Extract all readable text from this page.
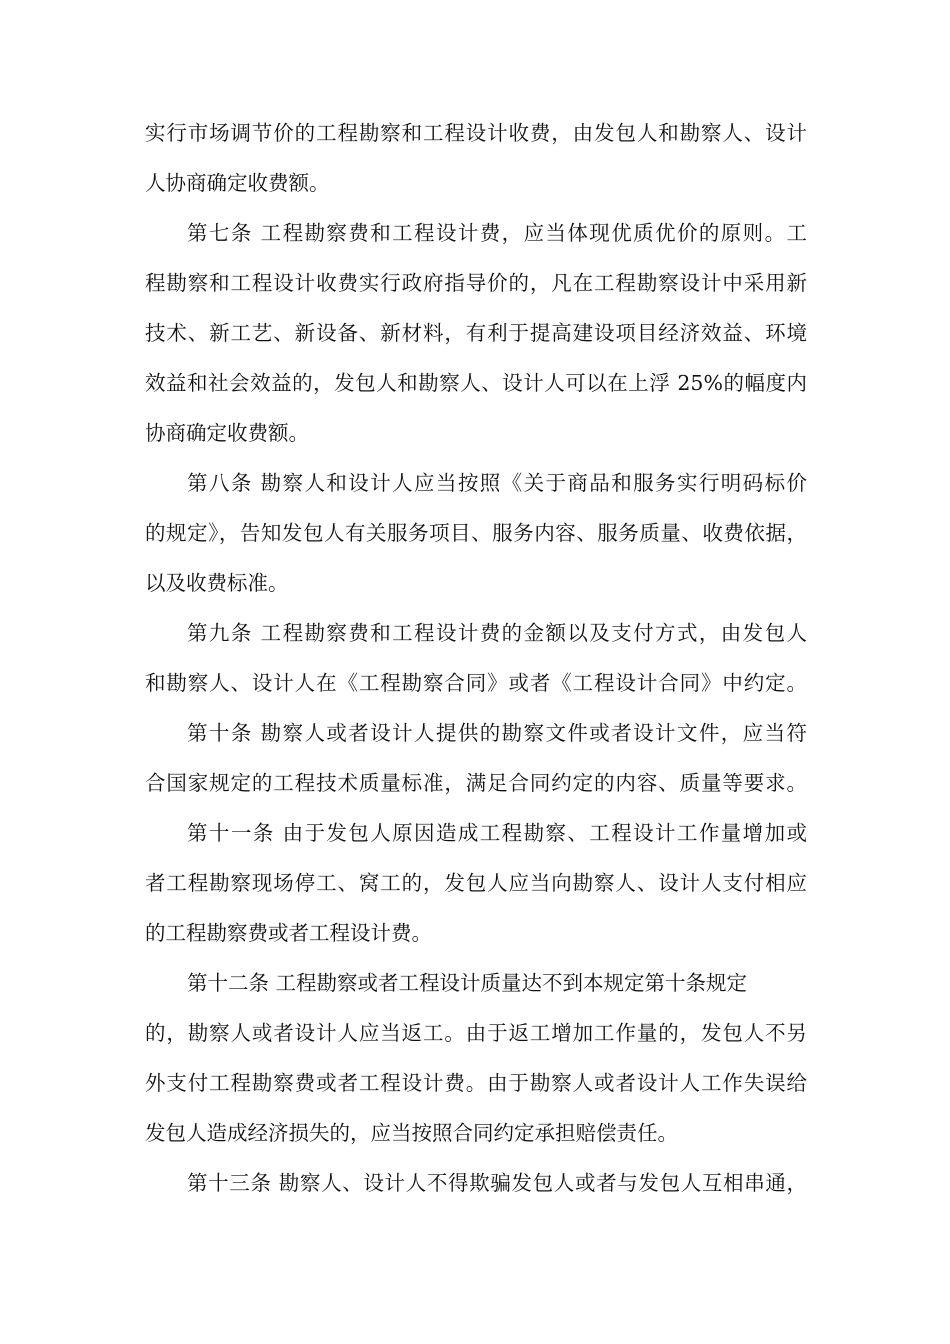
实行市场调节价的工程勘察和工程设计收费，由发包人和勘察人、设计
人协商确定收费额。
第七条 工程勘察费和工程设计费，应当体现优质优价的原则。工
程勘察和工程设计收费实行政府指导价的，凡在工程勘察设计中采用新
技术、新工艺、新设备、新材料，有利于提高建设项目经济效益、环境
效益和社会效益的，发包人和勘察人、设计人可以在上浮 25%的幅度内
协商确定收费额。
第八条 勘察人和设计人应当按照《关于商品和服务实行明码标价
的规定》，告知发包人有关服务项目、服务内容、服务质量、收费依据，
以及收费标准。
第九条 工程勘察费和工程设计费的金额以及支付方式，由发包人
和勘察人、设计人在《工程勘察合同》或者《工程设计合同》中约定。
第十条 勘察人或者设计人提供的勘察文件或者设计文件，应当符
合国家规定的工程技术质量标准，满足合同约定的内容、质量等要求。
第十一条 由于发包人原因造成工程勘察、工程设计工作量增加或
者工程勘察现场停工、窝工的，发包人应当向勘察人、设计人支付相应
的工程勘察费或者工程设计费。
第十二条 工程勘察或者工程设计质量达不到本规定第十条规定
的，勘察人或者设计人应当返工。由于返工增加工作量的，发包人不另
外支付工程勘察费或者工程设计费。由于勘察人或者设计人工作失误给
发包人造成经济损失的，应当按照合同约定承担赔偿责任。
第十三条 勘察人、设计人不得欺骗发包人或者与发包人互相串通，
